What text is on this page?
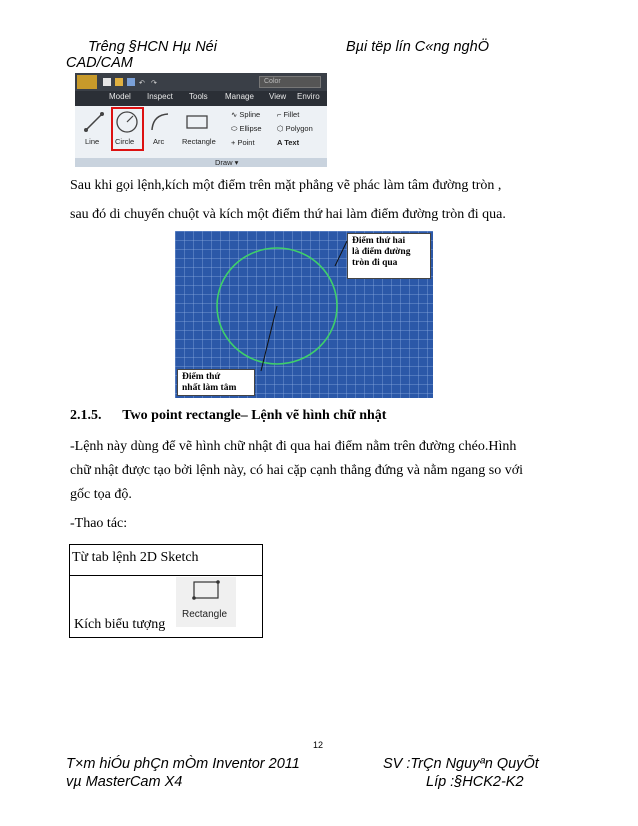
Trêng §HCN Hµ Néi	Bµi tëp lín C«ng nghÖ
CAD/CAM
↶ ↷	Color
Model Inspect Tools Manage View Enviro
Line Circle	Arc Rectangle
∿ Spline
⬭ Ellipse
+ Point
⌐ Fillet
⬡ Polygon
A Text
Draw ▾
Sau khi gọi lệnh,kích một điểm trên mặt phẳng vẽ phác làm tâm đường tròn ,
sau đó di chuyển chuột và kích một điểm thứ hai làm điểm đường tròn đi qua.
Điểm thứ hai
là điểm đường
tròn đi qua
Điểm thứ
nhất làm tâm
2.1.5. Two point rectangle– Lệnh vẽ hình chữ nhật
-Lệnh này dùng để vẽ hình chữ nhật đi qua hai điểm nằm trên đường chéo.Hình
chữ nhật được tạo bởi lệnh này, có hai cặp cạnh thẳng đứng và nằm ngang so với
gốc tọa độ.
-Thao tác:
Từ tab lệnh 2D Sketch
Kích biểu tượng
Rectangle
12
T×m hiÓu phÇn mÒm Inventor 2011
vµ MasterCam X4
SV :TrÇn Nguyªn QuyÕt
Líp :§HCK2-K2
